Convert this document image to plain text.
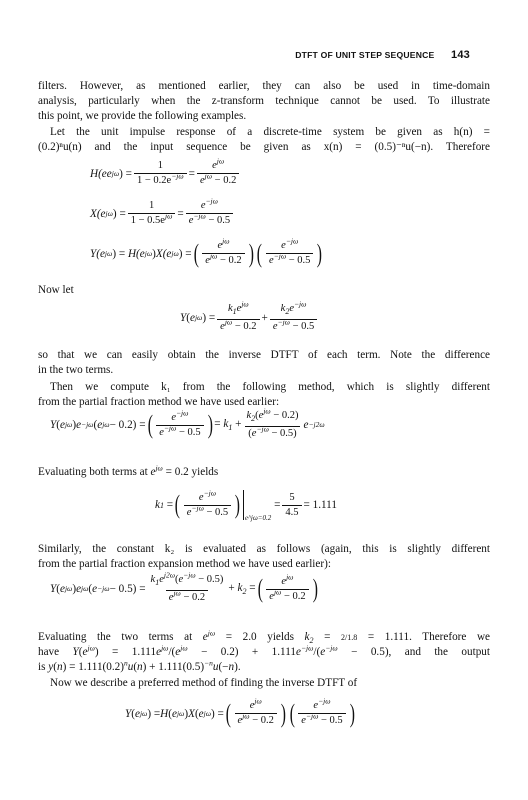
DTFT OF UNIT STEP SEQUENCE 143
filters. However, as mentioned earlier, they can also be used in time-domain
analysis, particularly when the z-transform technique cannot be used. To illustrate
this point, we provide the following examples.
Let the unit impulse response of a discrete-time system be given as h(n) =
(0.2)ⁿu(n) and the input sequence be given as x(n) = (0.5)⁻ⁿu(−n). Therefore
H(e e jω ) = $\frac{1}{1 - 0.2e^{-j\omega}}$ =
$e^{j\omega}$
$e^{j\omega} - 0.2$
X(e jω ) =
1
$1 - 0.5e^{j\omega} = \frac{e^{-j\omega}}{e^{-j\omega} - 0.5}$
Y(e jω ) =
H(e jω ) X(e jω ) = ( $e^{j\omega}$
$e^{j\omega} - 0.2$ ) ( $e^{-j\omega}$
$e^{-j\omega} - 0.5$ )
Now let
Y ( e jω ) =
$k_1e^{j\omega}$
$e^{j\omega} - 0.2$
+ $\frac{k_2e^{-j\omega}}{e^{-j\omega} - 0.5}$
so that we can easily obtain the inverse DTFT of each term. Note the difference
in the two terms.
Then we compute k₁ from the following method, which is slightly different
from the partial fraction method we have used earlier:
Y ( e jω ) e −jω ( e jω − 0.2) = ( $e^{-j\omega}$
$e^{-j\omega} - 0.5$ ) = $k_1$ +
$k_2(e^{j\omega} - 0.2)$
$(e^{-j\omega} - 0.5)$
e −j2ω
Evaluating both terms at $e^{j\omega} = 0.2$ yields
k 1 = ( $e^{-j\omega}$
$e^{-j\omega} - 0.5$ ) e^jω=0.2
= $\frac{5}{4.5} = 1.111$
Similarly, the constant k₂ is evaluated as follows (again, this is slightly different
from the partial fraction expansion method we have used earlier):
Y ( e jω ) e jω ( e −jω − 0.5) =
$k_1e^{j2\omega}(e^{-j\omega} - 0.5)$
$e^{j\omega} - 0.2$
+ $k_2$ = ( $e^{j\omega}$
$e^{j\omega} - 0.2$ )
Evaluating the two terms at $e^{j\omega} = 2.0$ yields $k_2 = 2/1.8 = 1.111$. Therefore we
have $Y(e^{j\omega}) = 1.111e^{j\omega}/(e^{j\omega} - 0.2) + 1.111e^{-j\omega}/(e^{-j\omega} - 0.5)$, and the output
is $y(n) = 1.111(0.2)^nu(n) + 1.111(0.5)^{-n}u(-n)$.
Now we describe a preferred method of finding the inverse DTFT of
Y ( e jω ) = H ( e jω ) X ( e jω ) = ( $e^{j\omega}$
$e^{j\omega} - 0.2$ ) ( $e^{-j\omega}$
$e^{-j\omega} - 0.5$ )
